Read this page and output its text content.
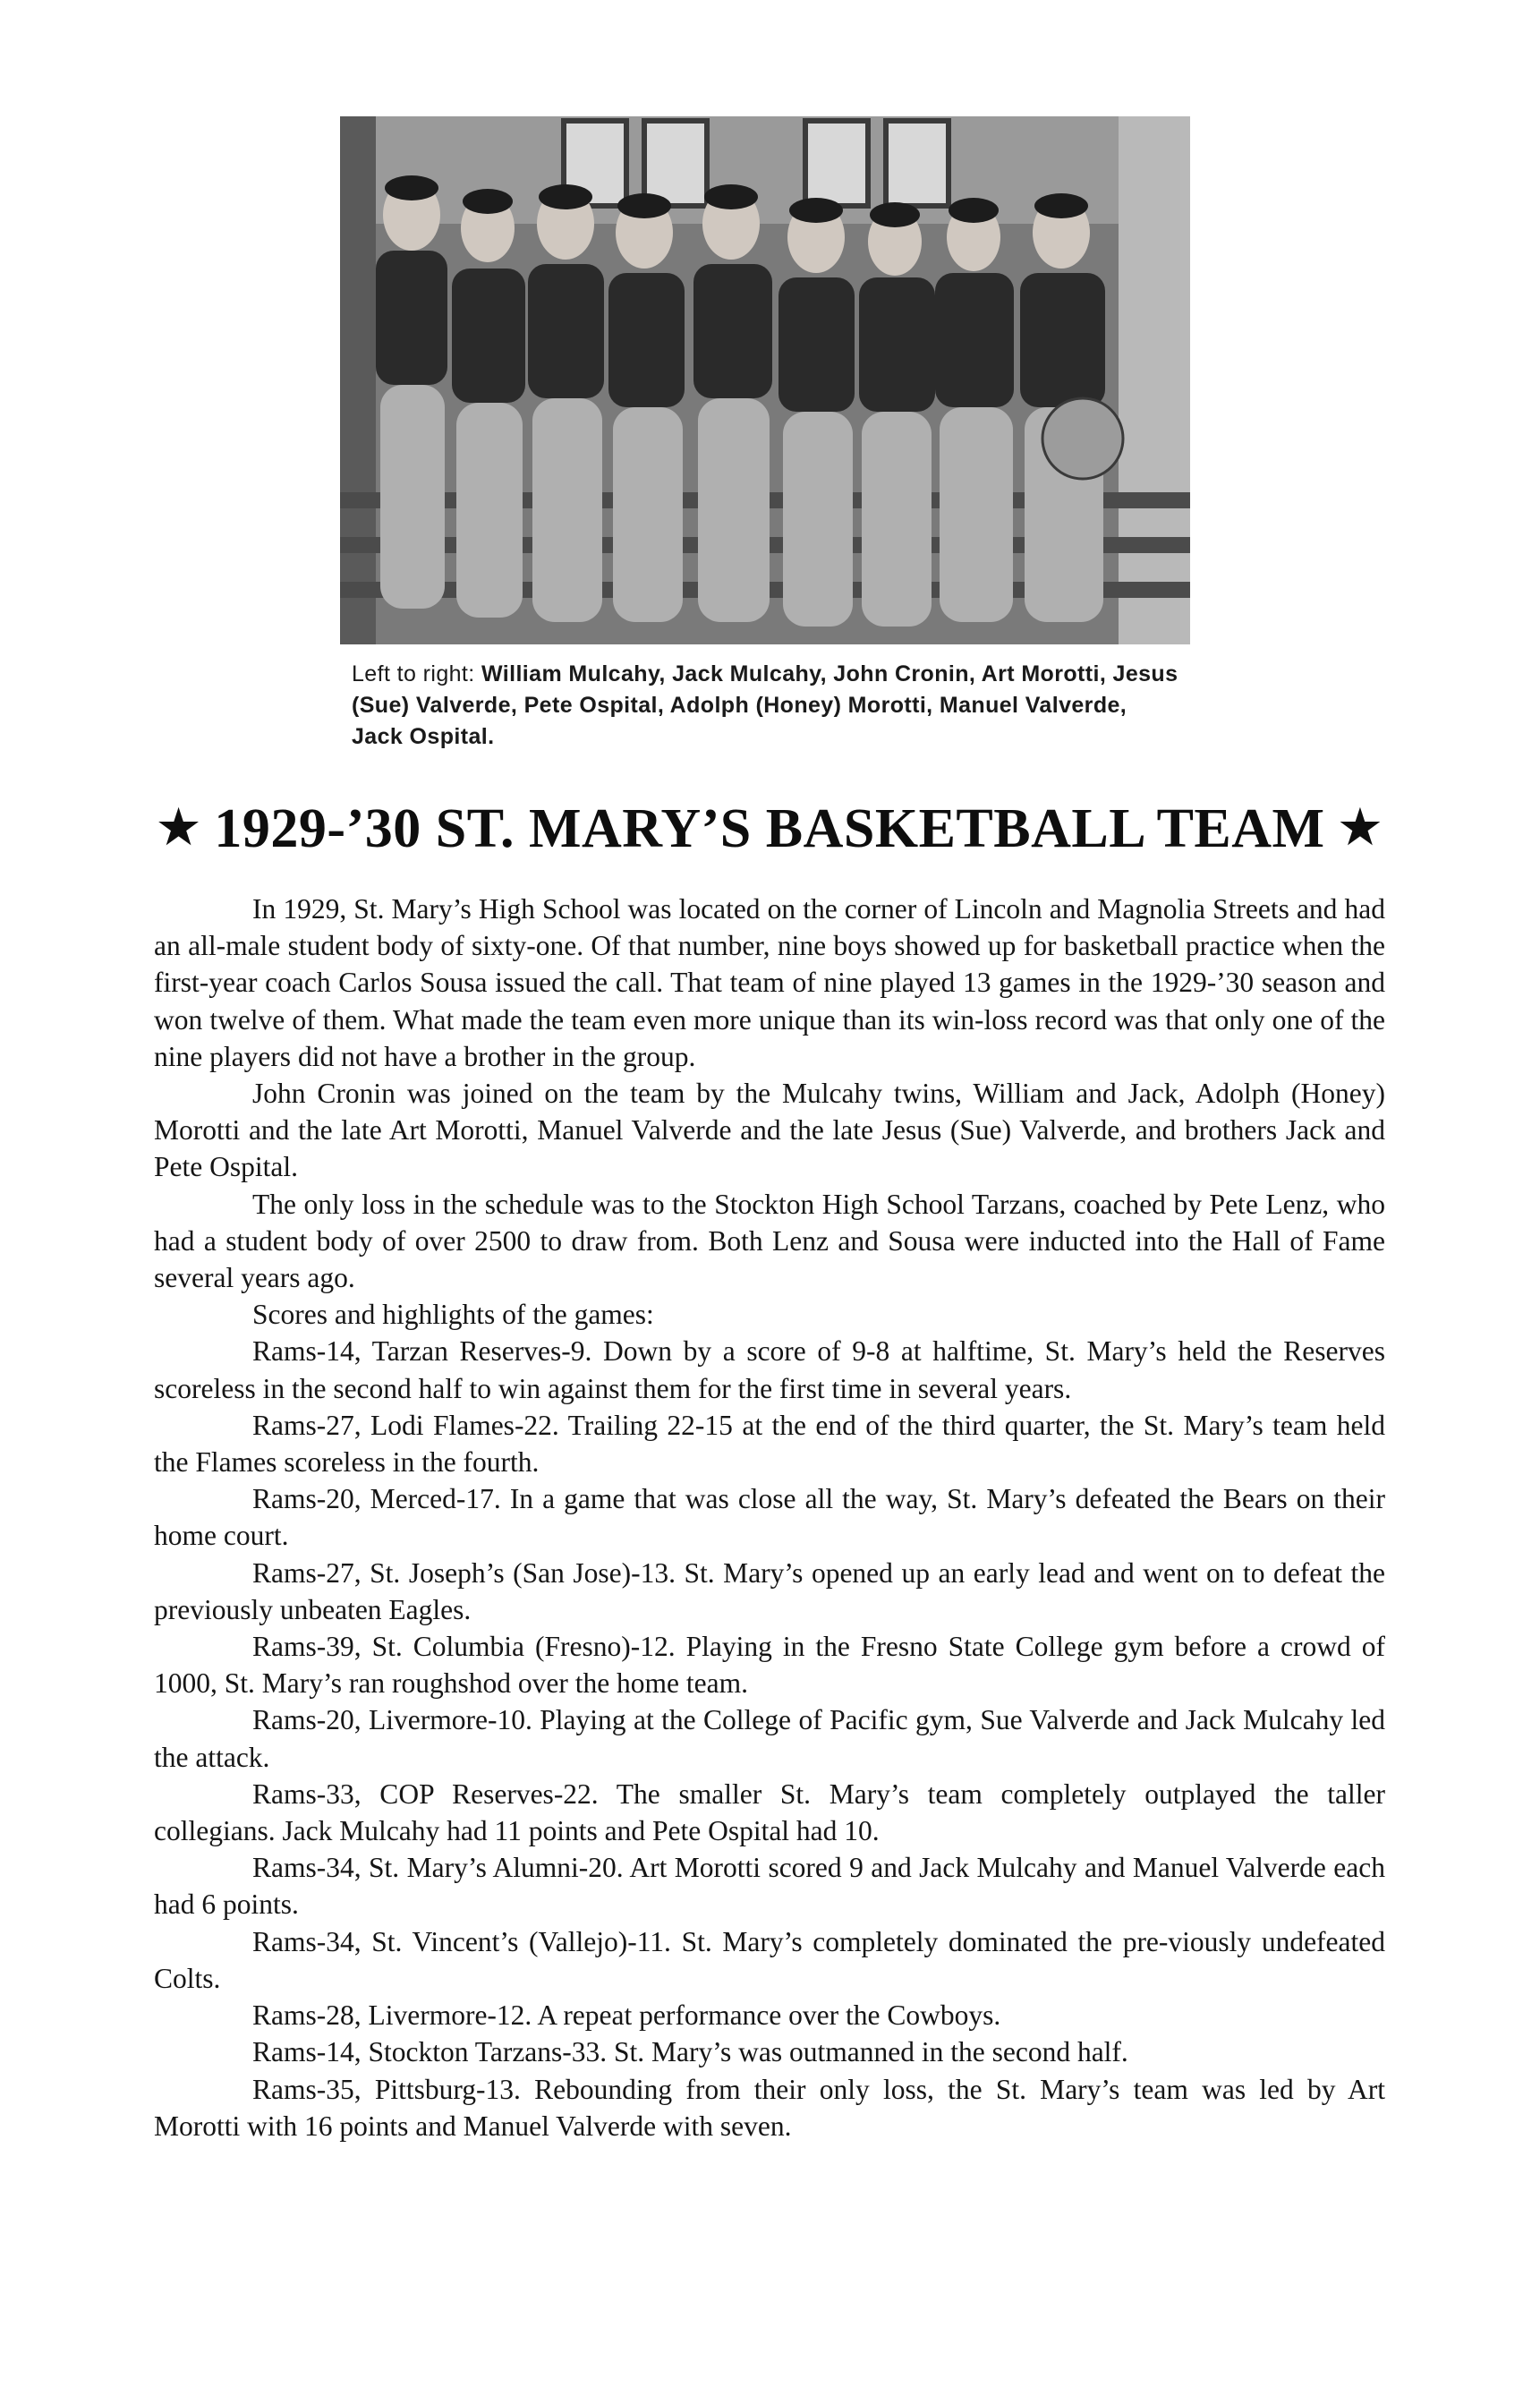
Left to right: William Mulcahy, Jack Mulcahy, John Cronin, Art Morotti, Jesus (Sue) Valverde, Pete Ospital, Adolph (Honey) Morotti, Manuel Valverde, Jack Ospital.
★ 1929-’30 ST. MARY’S BASKETBALL TEAM ★

In 1929, St. Mary’s High School was located on the corner of Lincoln and Magnolia Streets and had an all-male student body of sixty-one. Of that number, nine boys showed up for basketball practice when the first-year coach Carlos Sousa issued the call. That team of nine played 13 games in the 1929-’30 season and won twelve of them. What made the team even more unique than its win-loss record was that only one of the nine players did not have a brother in the group.

John Cronin was joined on the team by the Mulcahy twins, William and Jack, Adolph (Honey) Morotti and the late Art Morotti, Manuel Valverde and the late Jesus (Sue) Valverde, and brothers Jack and Pete Ospital.

The only loss in the schedule was to the Stockton High School Tarzans, coached by Pete Lenz, who had a student body of over 2500 to draw from. Both Lenz and Sousa were inducted into the Hall of Fame several years ago.

Scores and highlights of the games:

Rams-14, Tarzan Reserves-9. Down by a score of 9-8 at halftime, St. Mary’s held the Reserves scoreless in the second half to win against them for the first time in several years.

Rams-27, Lodi Flames-22. Trailing 22-15 at the end of the third quarter, the St. Mary’s team held the Flames scoreless in the fourth.

Rams-20, Merced-17. In a game that was close all the way, St. Mary’s defeated the Bears on their home court.

Rams-27, St. Joseph’s (San Jose)-13. St. Mary’s opened up an early lead and went on to defeat the previously unbeaten Eagles.

Rams-39, St. Columbia (Fresno)-12. Playing in the Fresno State College gym before a crowd of 1000, St. Mary’s ran roughshod over the home team.

Rams-20, Livermore-10. Playing at the College of Pacific gym, Sue Valverde and Jack Mulcahy led the attack.

Rams-33, COP Reserves-22. The smaller St. Mary’s team completely outplayed the taller collegians. Jack Mulcahy had 11 points and Pete Ospital had 10.

Rams-34, St. Mary’s Alumni-20. Art Morotti scored 9 and Jack Mulcahy and Manuel Valverde each had 6 points.

Rams-34, St. Vincent’s (Vallejo)-11. St. Mary’s completely dominated the pre-viously undefeated Colts.

Rams-28, Livermore-12. A repeat performance over the Cowboys.

Rams-14, Stockton Tarzans-33. St. Mary’s was outmanned in the second half.

Rams-35, Pittsburg-13. Rebounding from their only loss, the St. Mary’s team was led by Art Morotti with 16 points and Manuel Valverde with seven.
